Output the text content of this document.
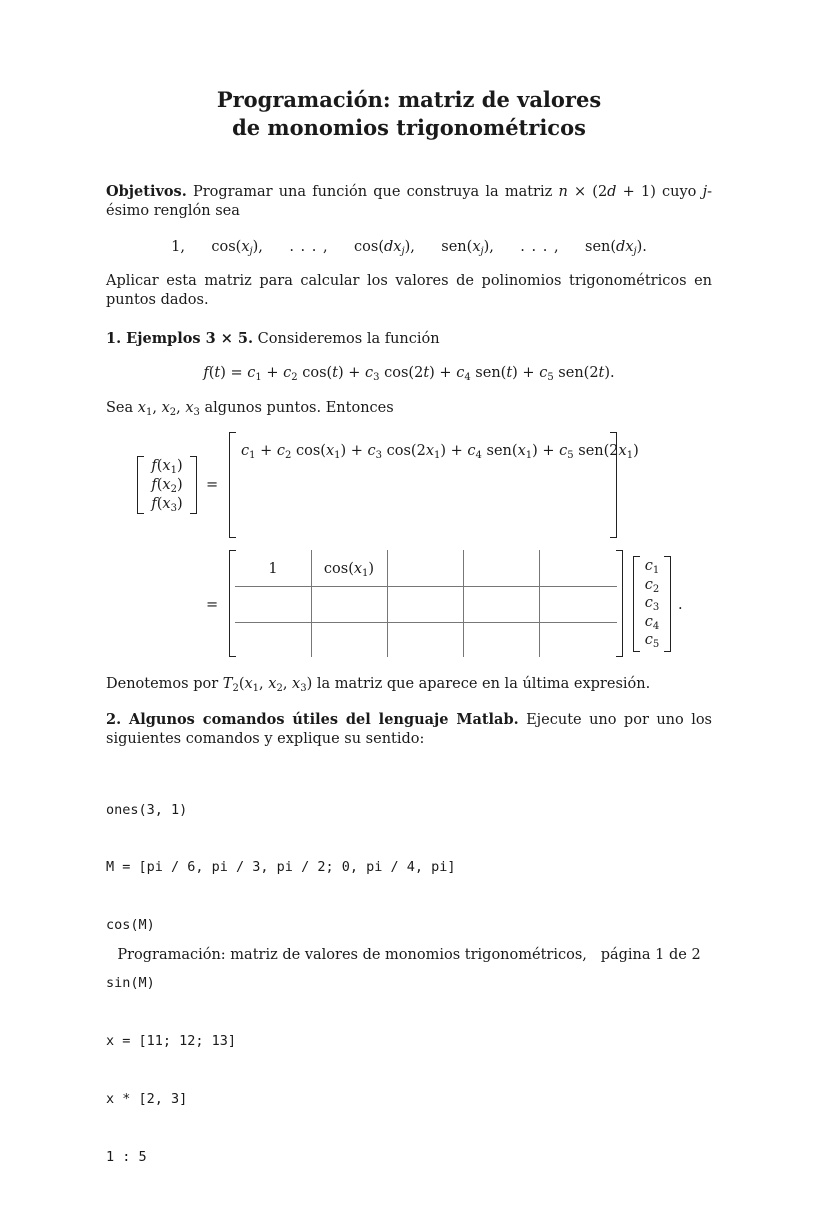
Programación: matriz de valores
de monomios trigonométricos
Objetivos. Programar una función que construya la matriz n × (2d + 1) cuyo j-ésimo renglón sea
1,    $\cos(x_j)$,    . . . ,    $\cos(dx_j)$,    $sen(x_j)$,    . . . ,    $sen(dx_j)$.
Aplicar esta matriz para calcular los valores de polinomios trigonométricos en puntos dados.
1. Ejemplos 3 × 5. Consideremos la función
$f(t) = c_1 + c_2$ $\cos(t) + c_3$ $\cos(2t) + c_4$ $sen(t) + c_5$ sen(2t).
Sea $x_1$, $x_2$, $x_3$ algunos puntos. Entonces
$f(x_1)$
$f(x_2)$
$f(x_3)$
=
$c_1 + c_2$ $\cos(x_1) + c_3$ $\cos(2x_1) + c_4$ $sen(x_1) + c_5$ $sen(2x_1)$
=
1	$\cos(x_1)$	$c_1$
$c_2$
$c_3$
$c_4$
$c_5$
.
Denotemos por $T_2(x_1$, $x_2$, $x_3$) la matriz que aparece en la última expresión.
2. Algunos comandos útiles del lenguaje Matlab. Ejecute uno por uno los siguientes comandos y explique su sentido:

ones(3, 1)

M = [pi / 6, pi / 3, pi / 2; 0, pi / 4, pi]

cos(M)

sin(M)

x = [11; 12; 13]

x * [2, 3]

1 : 5

Programación: matriz de valores de monomios trigonométricos, página 1 de 2
